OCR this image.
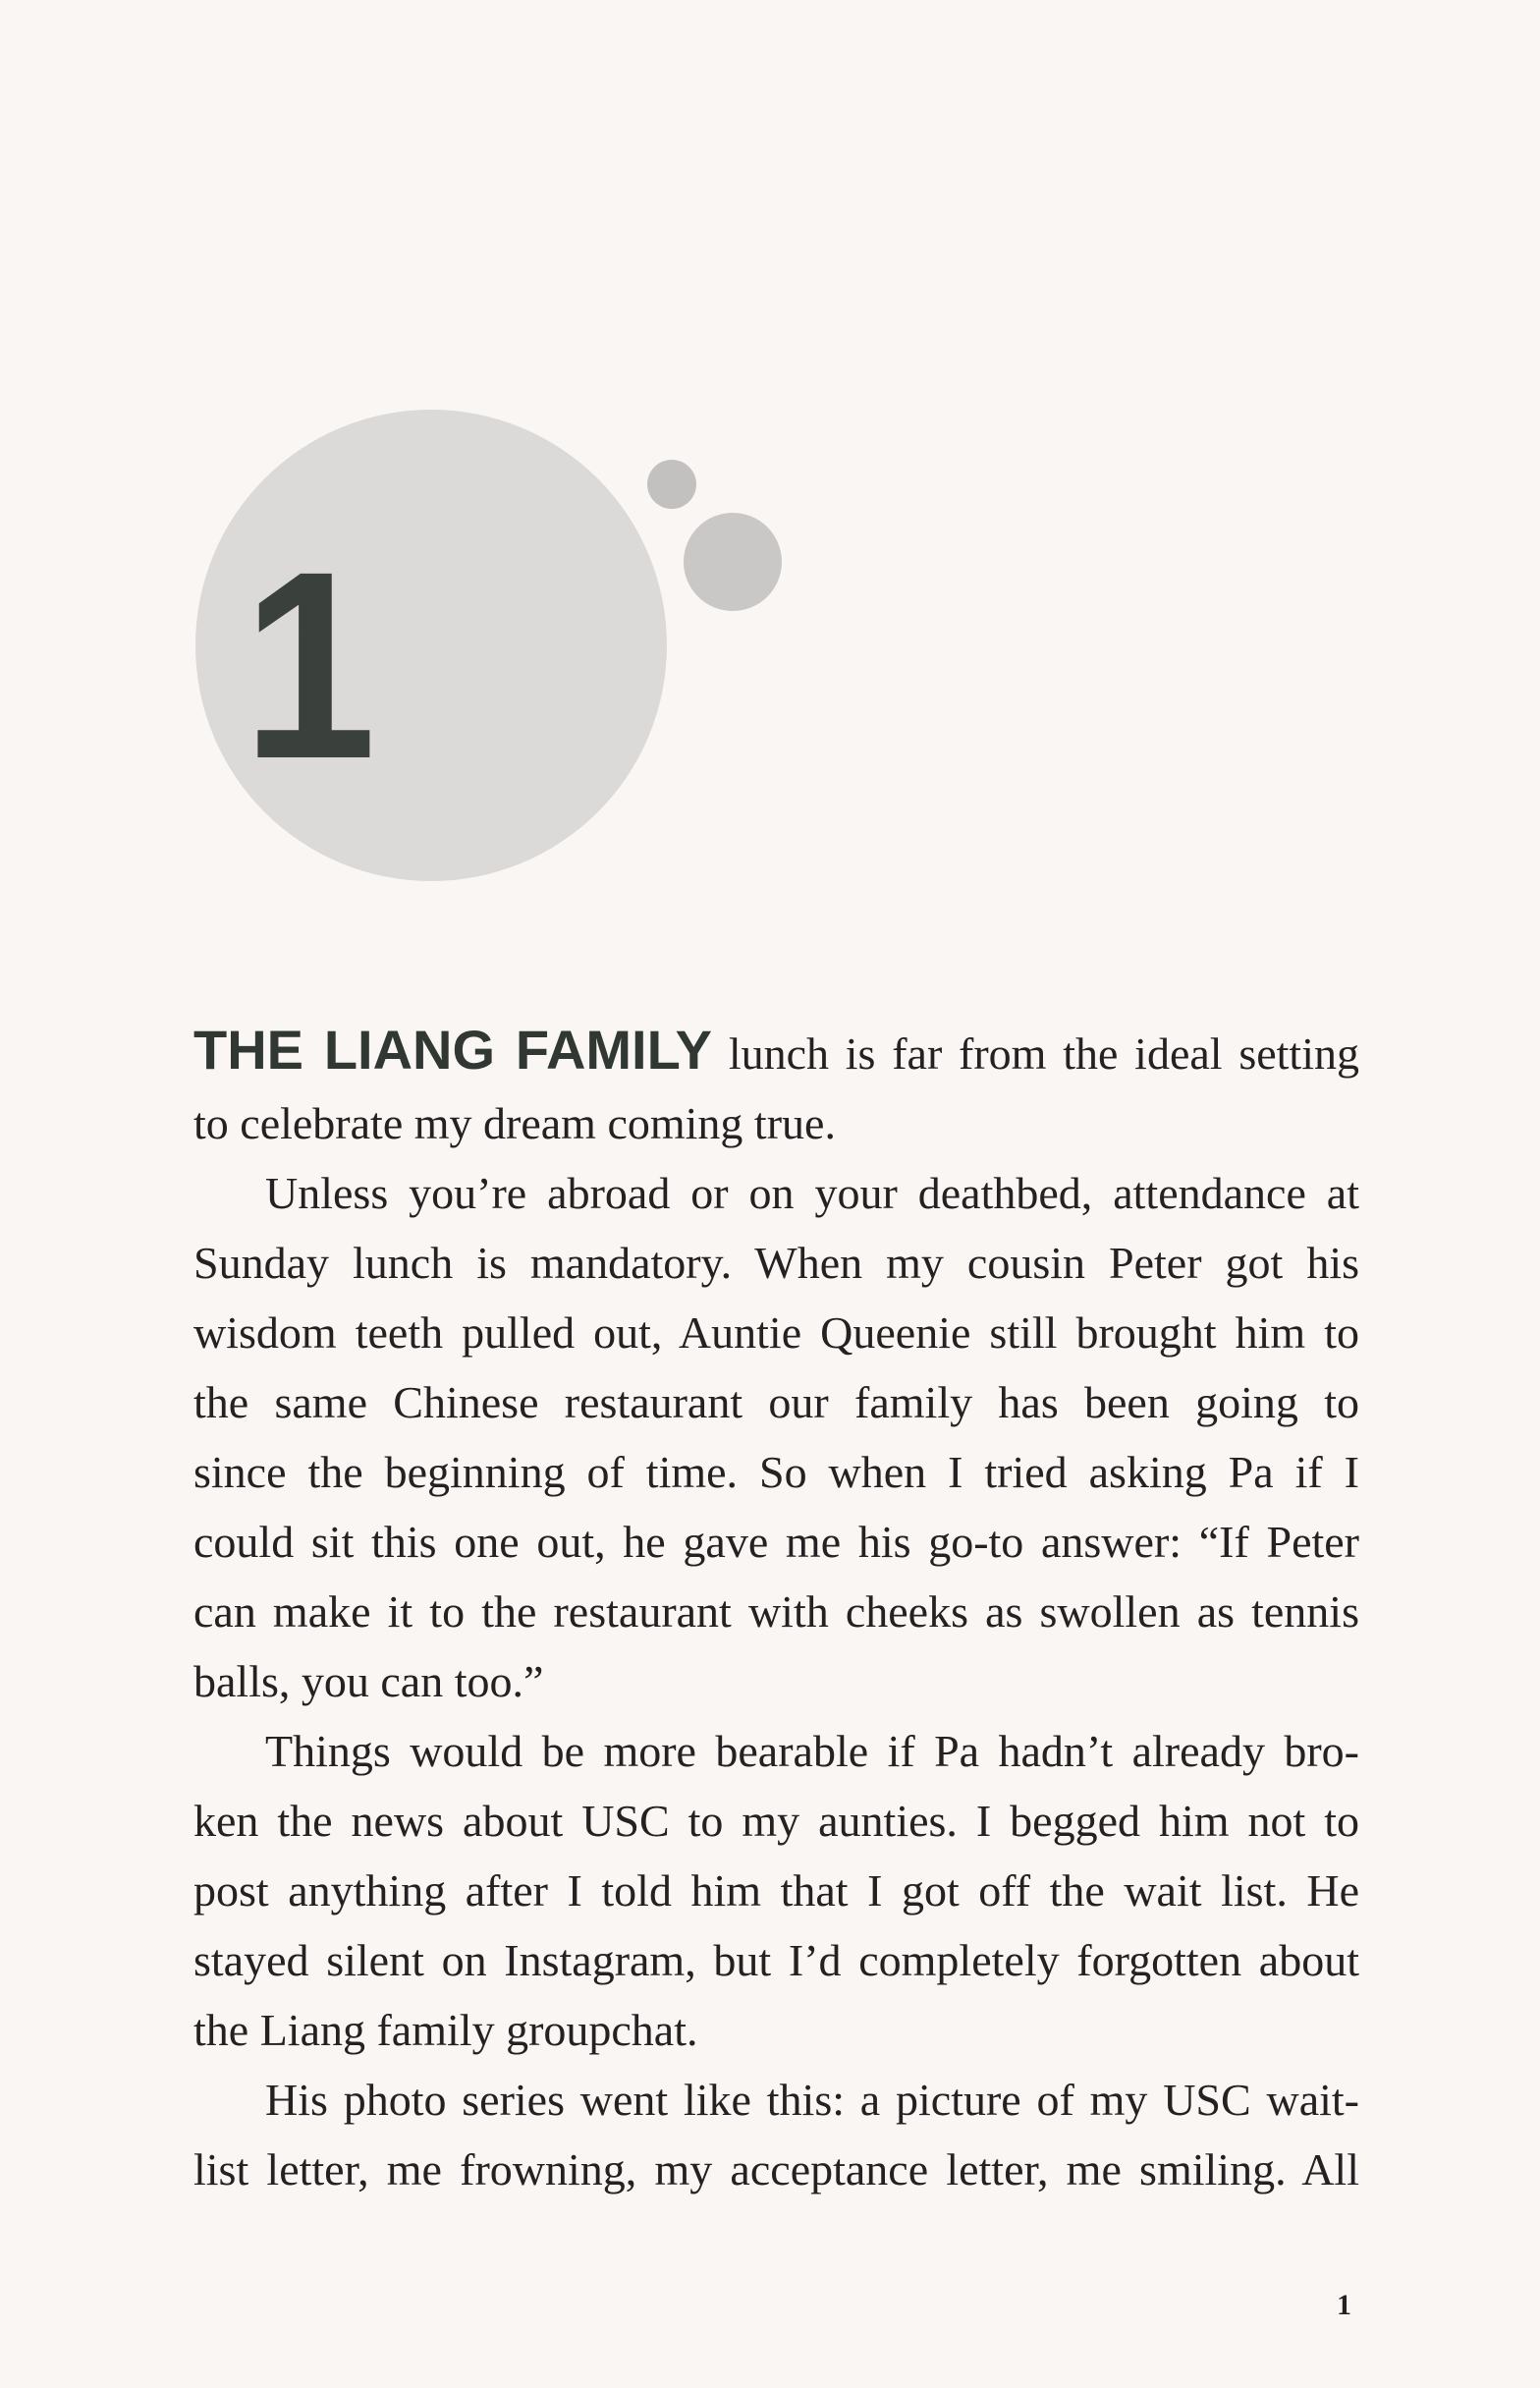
1
THE LIANG FAMILY lunch is far from the ideal setting
to celebrate my dream coming true.
Unless you’re abroad or on your deathbed, attendance at
Sunday lunch is mandatory. When my cousin Peter got his
wisdom teeth pulled out, Auntie Queenie still brought him to
the same Chinese restaurant our family has been going to
since the beginning of time. So when I tried asking Pa if I
could sit this one out, he gave me his go-to answer: “If Peter
can make it to the restaurant with cheeks as swollen as tennis
balls, you can too.”
Things would be more bearable if Pa hadn’t already bro-
ken the news about USC to my aunties. I begged him not to
post anything after I told him that I got off the wait list. He
stayed silent on Instagram, but I’d completely forgotten about
the Liang family groupchat.
His photo series went like this: a picture of my USC wait-
list letter, me frowning, my acceptance letter, me smiling. All
1
